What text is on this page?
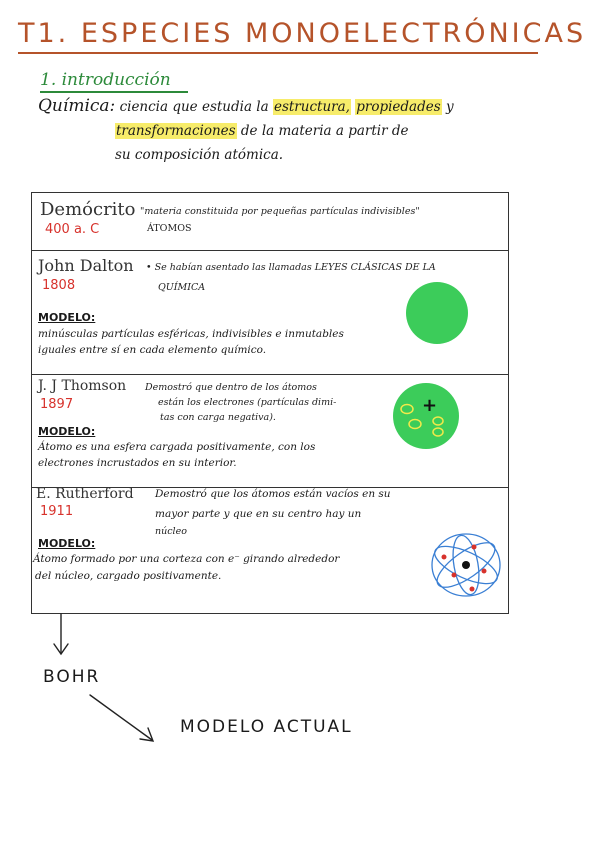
T1. ESPECIES MONOELECTRÓNICAS
1. introducción
Química: ciencia que estudia la estructura, propiedades y
transformaciones de la materia a partir de
su composición atómica.
Demócrito
400 a. C
"materia constituida por pequeñas partículas indivisibles"
ÁTOMOS
John Dalton
1808
• Se habían asentado las llamadas LEYES CLÁSICAS DE LA
QUÍMICA
MODELO:
minúsculas partículas esféricas, indivisibles e inmutables
iguales entre sí en cada elemento químico.
J. J Thomson
1897
Demostró que dentro de los átomos
están los electrones (partículas dimi-
tas con carga negativa).
MODELO:
Átomo es una esfera cargada positivamente, con los
electrones incrustados en su interior.
+
E. Rutherford
1911
Demostró que los átomos están vacíos en su
mayor parte y que en su centro hay un
núcleo
MODELO:
Átomo formado por una corteza con e⁻ girando alrededor
del núcleo, cargado positivamente.
BOHR
MODELO ACTUAL
